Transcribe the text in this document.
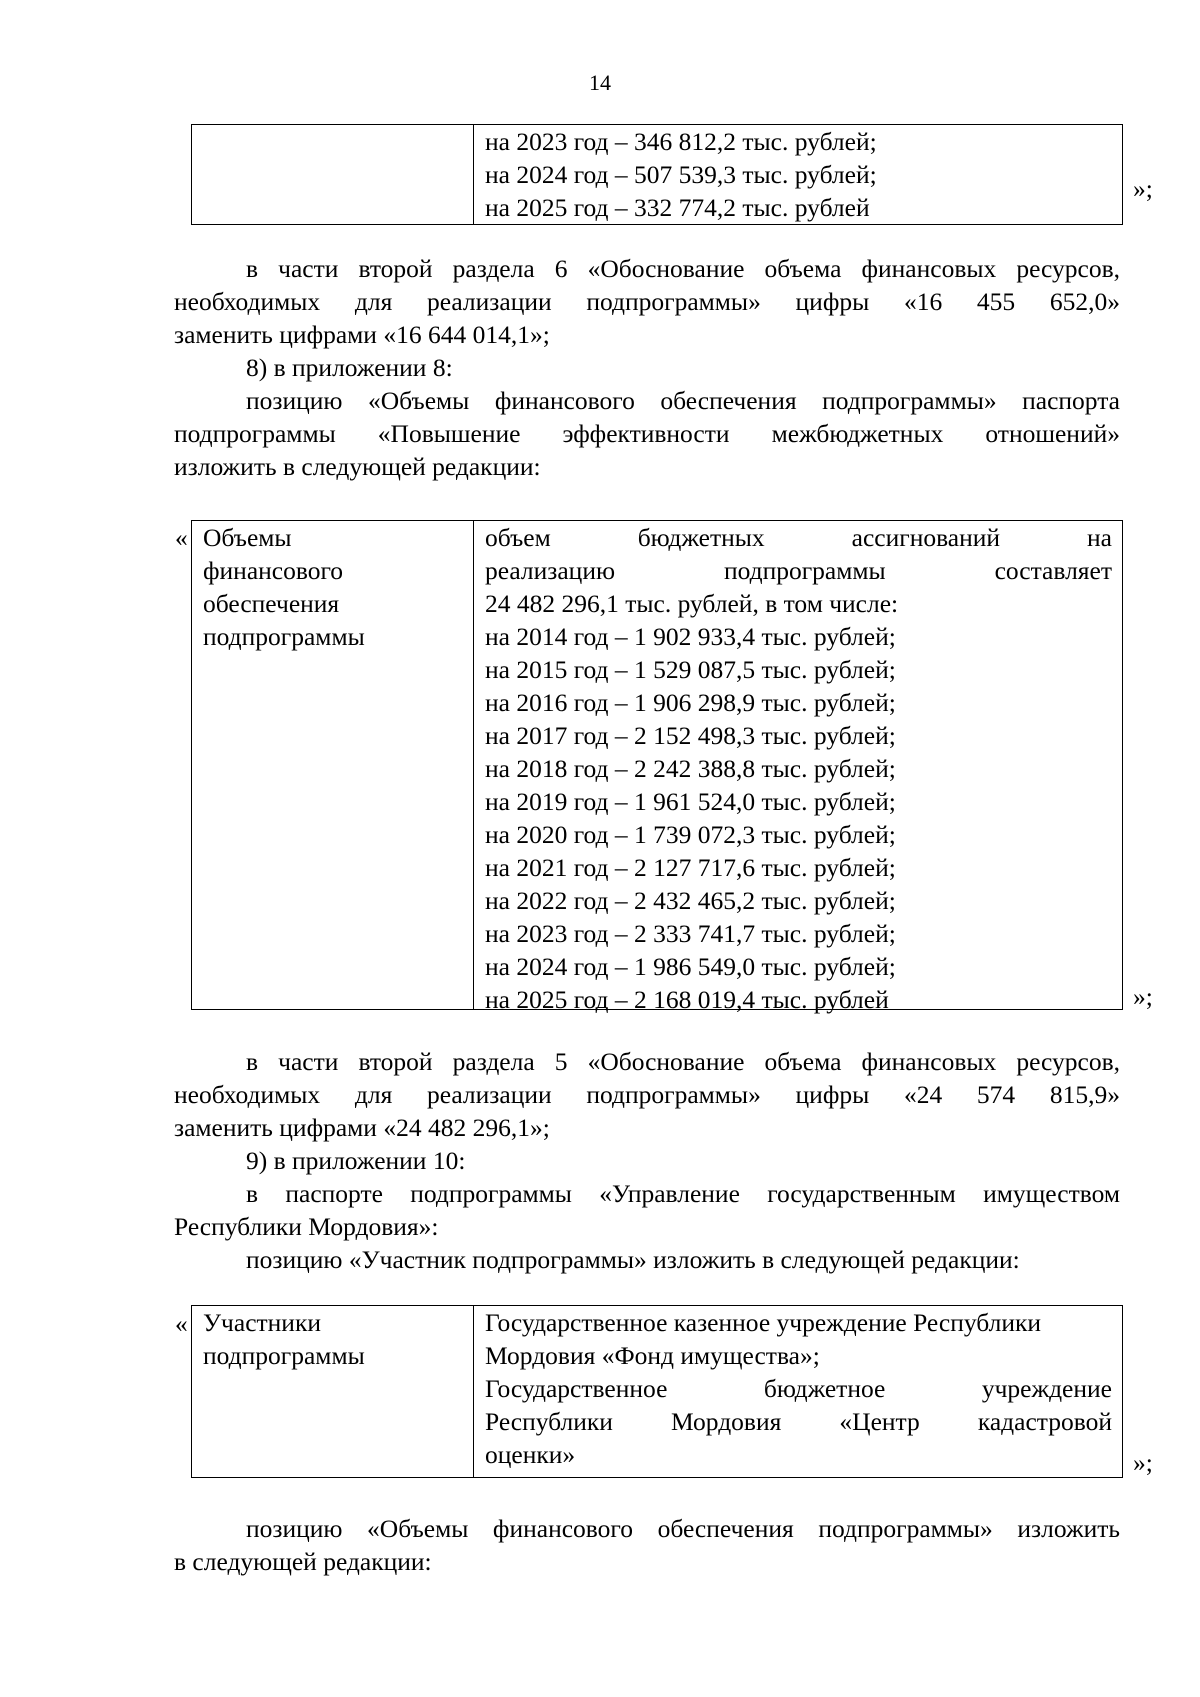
14
на 2023 год – 346 812,2 тыс. рублей;
на 2024 год – 507 539,3 тыс. рублей;
на 2025 год – 332 774,2 тыс. рублей
»;
в части второй раздела 6 «Обоснование объема финансовых ресурсов,
необходимых для реализации подпрограммы» цифры «16 455 652,0»
заменить цифрами «16 644 014,1»;
8) в приложении 8:
позицию «Объемы финансового обеспечения подпрограммы» паспорта
подпрограммы «Повышение эффективности межбюджетных отношений»
изложить в следующей редакции:
« Объемы
финансового
обеспечения
подпрограммы
объем бюджетных ассигнований на
реализацию подпрограммы составляет
24 482 296,1 тыс. рублей, в том числе:
на 2014 год – 1 902 933,4 тыс. рублей;
на 2015 год – 1 529 087,5 тыс. рублей;
на 2016 год – 1 906 298,9 тыс. рублей;
на 2017 год – 2 152 498,3 тыс. рублей;
на 2018 год – 2 242 388,8 тыс. рублей;
на 2019 год – 1 961 524,0 тыс. рублей;
на 2020 год – 1 739 072,3 тыс. рублей;
на 2021 год – 2 127 717,6 тыс. рублей;
на 2022 год – 2 432 465,2 тыс. рублей;
на 2023 год – 2 333 741,7 тыс. рублей;
на 2024 год – 1 986 549,0 тыс. рублей;
на 2025 год – 2 168 019,4 тыс. рублей	»;
в части второй раздела 5 «Обоснование объема финансовых ресурсов,
необходимых для реализации подпрограммы» цифры «24 574 815,9»
заменить цифрами «24 482 296,1»;
9) в приложении 10:
в паспорте подпрограммы «Управление государственным имуществом
Республики Мордовия»:
позицию «Участник подпрограммы» изложить в следующей редакции:
« Участники
подпрограммы
Государственное казенное учреждение Республики
Мордовия «Фонд имущества»;
Государственное бюджетное учреждение
Республики Мордовия «Центр кадастровой
оценки»	»;
позицию «Объемы финансового обеспечения подпрограммы» изложить
в следующей редакции:
